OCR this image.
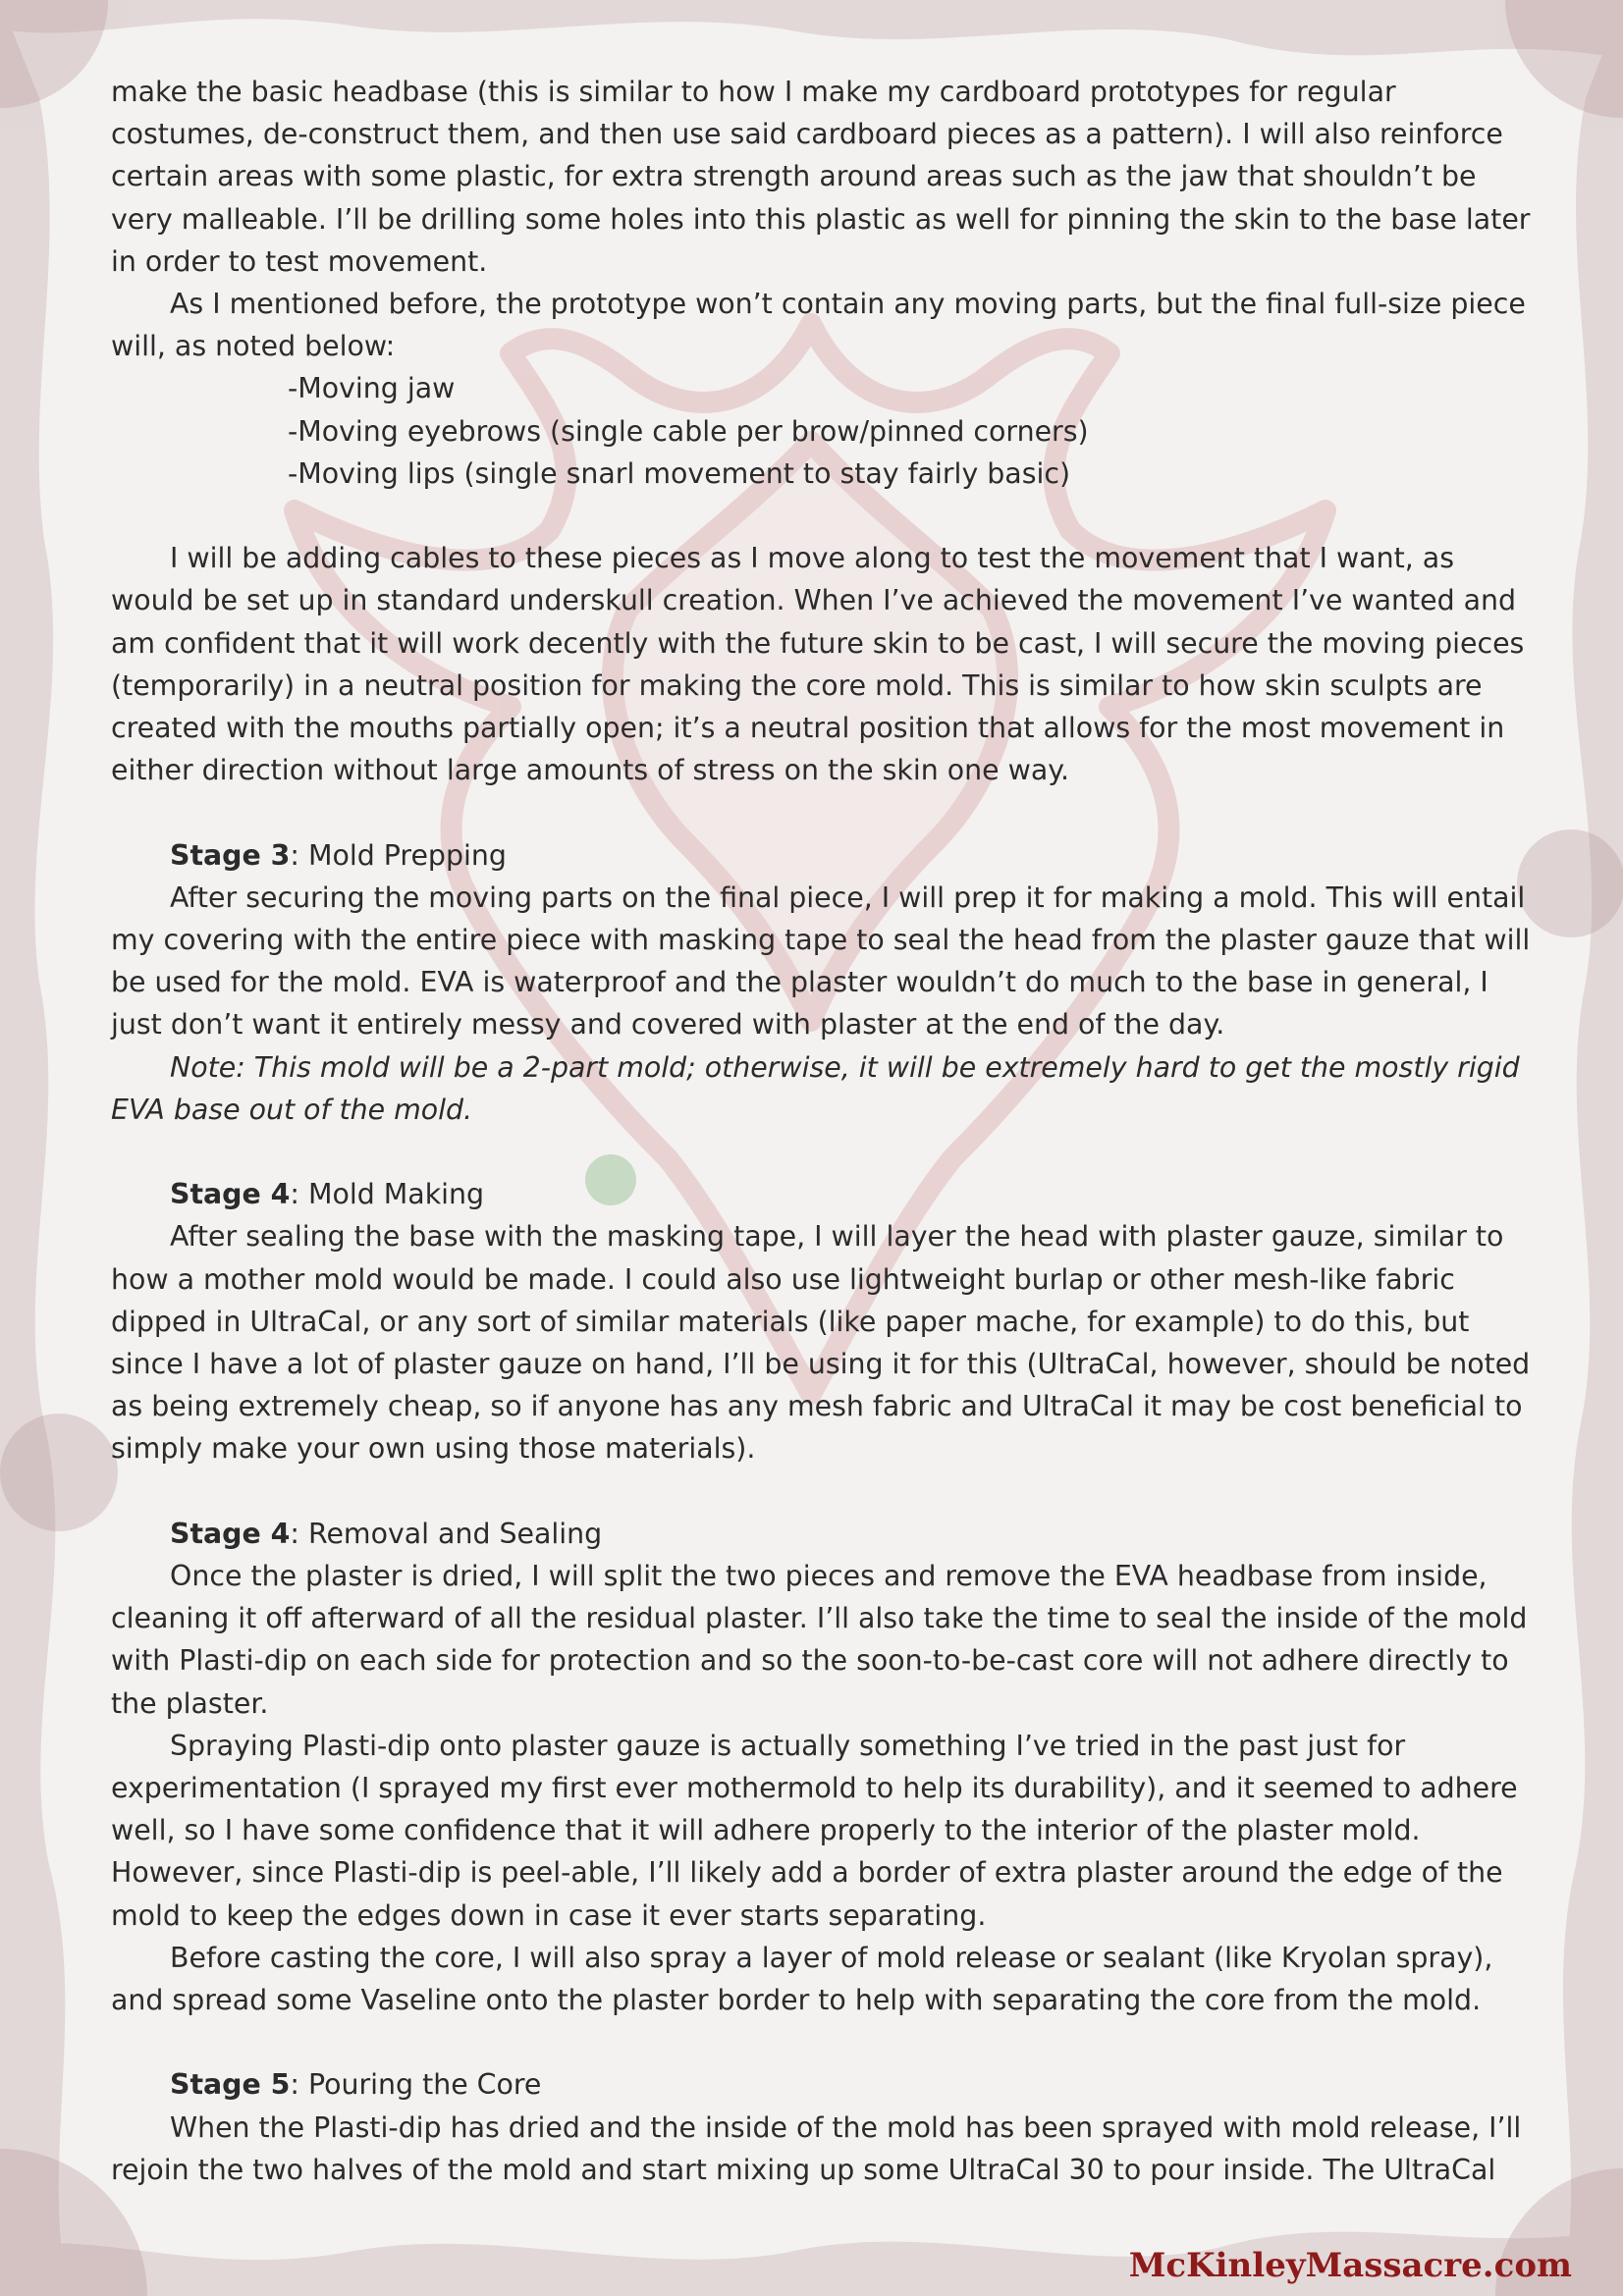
make the basic headbase (this is similar to how I make my cardboard prototypes for regular costumes, de-construct them, and then use said cardboard pieces as a pattern). I will also reinforce certain areas with some plastic, for extra strength around areas such as the jaw that shouldn’t be very malleable. I’ll be drilling some holes into this plastic as well for pinning the skin to the base later in order to test movement.

As I mentioned before, the prototype won’t contain any moving parts, but the final full-size piece will, as noted below:

-Moving jaw

-Moving eyebrows (single cable per brow/pinned corners)

-Moving lips (single snarl movement to stay fairly basic)

I will be adding cables to these pieces as I move along to test the movement that I want, as would be set up in standard underskull creation. When I’ve achieved the movement I’ve wanted and am confident that it will work decently with the future skin to be cast, I will secure the moving pieces (temporarily) in a neutral position for making the core mold. This is similar to how skin sculpts are created with the mouths partially open; it’s a neutral position that allows for the most movement in either direction without large amounts of stress on the skin one way.

Stage 3: Mold Prepping

After securing the moving parts on the final piece, I will prep it for making a mold. This will entail my covering with the entire piece with masking tape to seal the head from the plaster gauze that will be used for the mold. EVA is waterproof and the plaster wouldn’t do much to the base in general, I just don’t want it entirely messy and covered with plaster at the end of the day.

Note: This mold will be a 2-part mold; otherwise, it will be extremely hard to get the mostly rigid EVA base out of the mold.

Stage 4: Mold Making

After sealing the base with the masking tape, I will layer the head with plaster gauze, similar to how a mother mold would be made. I could also use lightweight burlap or other mesh-like fabric dipped in UltraCal, or any sort of similar materials (like paper mache, for example) to do this, but since I have a lot of plaster gauze on hand, I’ll be using it for this (UltraCal, however, should be noted as being extremely cheap, so if anyone has any mesh fabric and UltraCal it may be cost beneficial to simply make your own using those materials).

Stage 4: Removal and Sealing

Once the plaster is dried, I will split the two pieces and remove the EVA headbase from inside, cleaning it off afterward of all the residual plaster. I’ll also take the time to seal the inside of the mold with Plasti-dip on each side for protection and so the soon-to-be-cast core will not adhere directly to the plaster.

Spraying Plasti-dip onto plaster gauze is actually something I’ve tried in the past just for experimentation (I sprayed my first ever mothermold to help its durability), and it seemed to adhere well, so I have some confidence that it will adhere properly to the interior of the plaster mold. However, since Plasti-dip is peel-able, I’ll likely add a border of extra plaster around the edge of the mold to keep the edges down in case it ever starts separating.

Before casting the core, I will also spray a layer of mold release or sealant (like Kryolan spray), and spread some Vaseline onto the plaster border to help with separating the core from the mold.

Stage 5: Pouring the Core

When the Plasti-dip has dried and the inside of the mold has been sprayed with mold release, I’ll rejoin the two halves of the mold and start mixing up some UltraCal 30 to pour inside. The UltraCal

McKinleyMassacre.com
